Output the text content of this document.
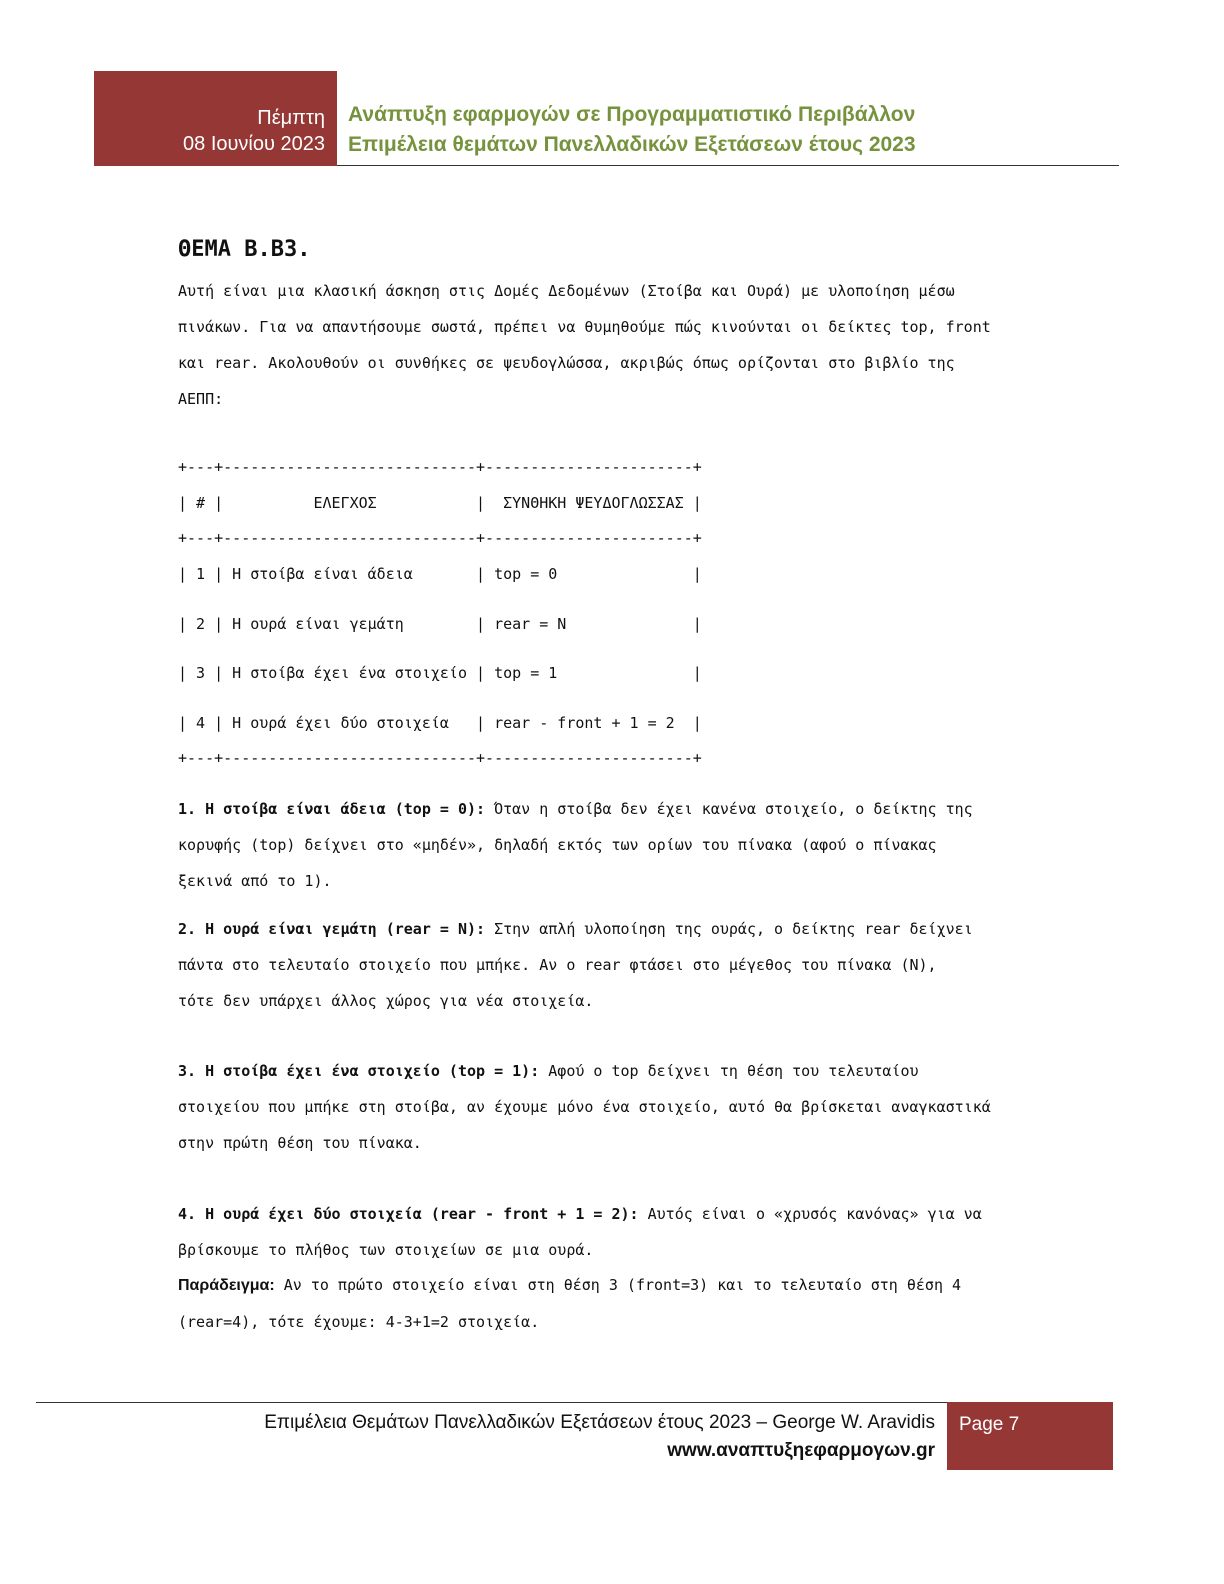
Πέμπτη
08 Ιουνίου 2023
Ανάπτυξη εφαρμογών σε Προγραμματιστικό Περιβάλλον
Επιμέλεια θεμάτων Πανελλαδικών Εξετάσεων έτους 2023
ΘΕΜΑ Β.Β3.

Αυτή είναι μια κλασική άσκηση στις Δομές Δεδομένων (Στοίβα και Ουρά) με υλοποίηση μέσω
πινάκων. Για να απαντήσουμε σωστά, πρέπει να θυμηθούμε πώς κινούνται οι δείκτες top, front
και rear. Ακολουθούν οι συνθήκες σε ψευδογλώσσα, ακριβώς όπως ορίζονται στο βιβλίο της
ΑΕΠΠ:

+---+----------------------------+-----------------------+

| # |          ΕΛΕΓΧΟΣ           |  ΣΥΝΘΗΚΗ ΨΕΥΔΟΓΛΩΣΣΑΣ |

+---+----------------------------+-----------------------+

| 1 | Η στοίβα είναι άδεια       | top = 0               |

| 2 | Η ουρά είναι γεμάτη        | rear = N              |

| 3 | Η στοίβα έχει ένα στοιχείο | top = 1               |

| 4 | Η ουρά έχει δύο στοιχεία   | rear - front + 1 = 2  |

+---+----------------------------+-----------------------+

1. Η στοίβα είναι άδεια (top = 0): Όταν η στοίβα δεν έχει κανένα στοιχείο, ο δείκτης της
κορυφής (top) δείχνει στο «μηδέν», δηλαδή εκτός των ορίων του πίνακα (αφού ο πίνακας
ξεκινά από το 1).

2. Η ουρά είναι γεμάτη (rear = N): Στην απλή υλοποίηση της ουράς, ο δείκτης rear δείχνει
πάντα στο τελευταίο στοιχείο που μπήκε. Αν ο rear φτάσει στο μέγεθος του πίνακα (N),
τότε δεν υπάρχει άλλος χώρος για νέα στοιχεία.

3. Η στοίβα έχει ένα στοιχείο (top = 1): Αφού ο top δείχνει τη θέση του τελευταίου
στοιχείου που μπήκε στη στοίβα, αν έχουμε μόνο ένα στοιχείο, αυτό θα βρίσκεται αναγκαστικά
στην πρώτη θέση του πίνακα.

4. Η ουρά έχει δύο στοιχεία (rear - front + 1 = 2): Αυτός είναι ο «χρυσός κανόνας» για να
βρίσκουμε το πλήθος των στοιχείων σε μια ουρά.

Παράδειγμα: Αν το πρώτο στοιχείο είναι στη θέση 3 (front=3) και το τελευταίο στη θέση 4
(rear=4), τότε έχουμε: 4-3+1=2 στοιχεία.

Επιμέλεια Θεμάτων Πανελλαδικών Εξετάσεων έτους 2023 – George W. Aravidis
www.αναπτυξηεφαρμογων.gr
Page 7
